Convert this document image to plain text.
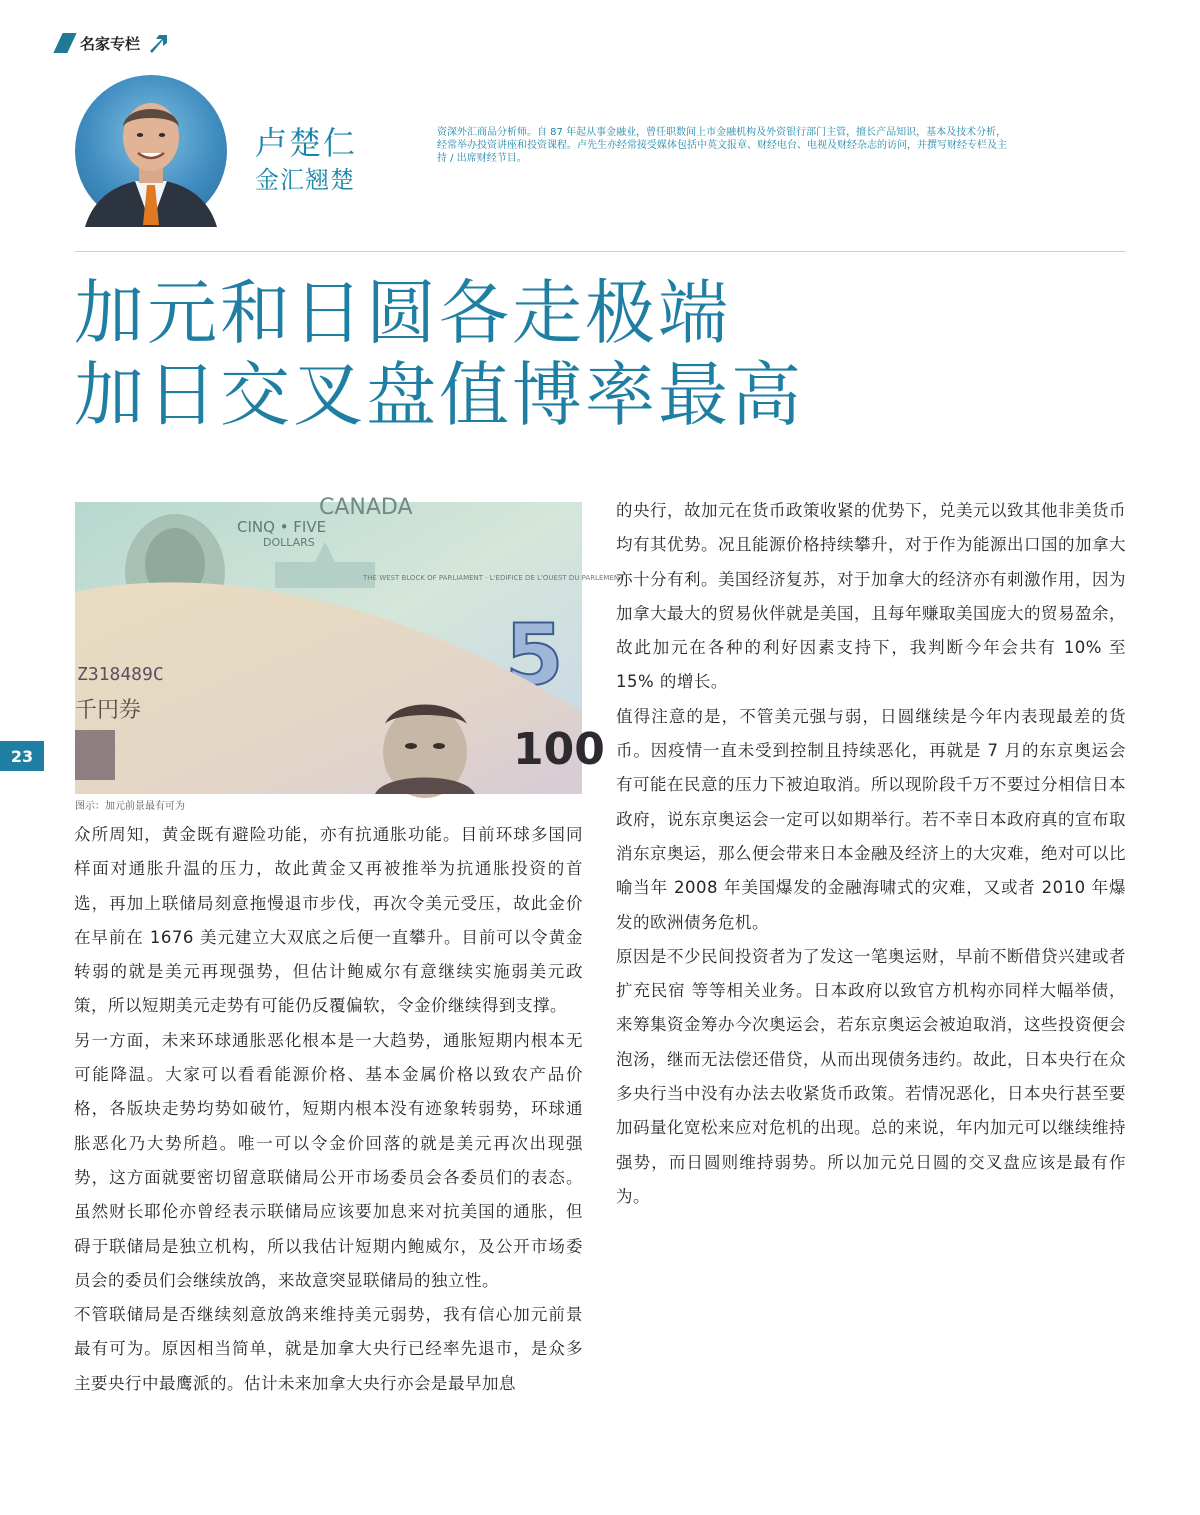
名家专栏
卢楚仁
金汇翘楚
资深外汇商品分析师。自 87 年起从事金融业，曾任职数间上市金融机构及外资银行部门主管，擅长产品知识，基本及技术分析，经常举办投资讲座和投资课程。卢先生亦经常接受媒体包括中英文报章、财经电台、电视及财经杂志的访问，并撰写财经专栏及主持 / 出席财经节目。
加元和日圆各走极端
加日交叉盘值博率最高
CANADA
CINQ • FIVE
DOLLARS
THE WEST BLOCK OF PARLIAMENT · L'EDIFICE DE L'OUEST DU PARLEMENT
5
Z318489C
千円券
100
图示：加元前景最有可为
23

众所周知，黄金既有避险功能，亦有抗通胀功能。目前环球多国同样面对通胀升温的压力，故此黄金又再被推举为抗通胀投资的首选，再加上联储局刻意拖慢退市步伐，再次令美元受压，故此金价在早前在 1676 美元建立大双底之后便一直攀升。目前可以令黄金转弱的就是美元再现强势，但估计鲍威尔有意继续实施弱美元政策，所以短期美元走势有可能仍反覆偏软，令金价继续得到支撑。

另一方面，未来环球通胀恶化根本是一大趋势，通胀短期内根本无可能降温。大家可以看看能源价格、基本金属价格以致农产品价格，各版块走势均势如破竹，短期内根本没有迹象转弱势，环球通胀恶化乃大势所趋。唯一可以令金价回落的就是美元再次出现强势，这方面就要密切留意联储局公开市场委员会各委员们的表态。虽然财长耶伦亦曾经表示联储局应该要加息来对抗美国的通胀，但碍于联储局是独立机构，所以我估计短期内鲍威尔，及公开市场委员会的委员们会继续放鸽，来故意突显联储局的独立性。

不管联储局是否继续刻意放鸽来维持美元弱势，我有信心加元前景最有可为。原因相当简单，就是加拿大央行已经率先退市，是众多主要央行中最鹰派的。估计未来加拿大央行亦会是最早加息

的央行，故加元在货币政策收紧的优势下，兑美元以致其他非美货币均有其优势。况且能源价格持续攀升，对于作为能源出口国的加拿大亦十分有利。美国经济复苏，对于加拿大的经济亦有刺激作用，因为加拿大最大的贸易伙伴就是美国，且每年赚取美国庞大的贸易盈余，故此加元在各种的利好因素支持下，我判断今年会共有 10% 至 15% 的增长。

值得注意的是，不管美元强与弱，日圆继续是今年内表现最差的货币。因疫情一直未受到控制且持续恶化，再就是 7 月的东京奥运会有可能在民意的压力下被迫取消。所以现阶段千万不要过分相信日本政府，说东京奥运会一定可以如期举行。若不幸日本政府真的宣布取消东京奥运，那么便会带来日本金融及经济上的大灾难，绝对可以比喻当年 2008 年美国爆发的金融海啸式的灾难，又或者 2010 年爆发的欧洲债务危机。

原因是不少民间投资者为了发这一笔奥运财，早前不断借贷兴建或者扩充民宿 等等相关业务。日本政府以致官方机构亦同样大幅举债，来筹集资金筹办今次奥运会，若东京奥运会被迫取消，这些投资便会泡汤，继而无法偿还借贷，从而出现债务违约。故此，日本央行在众多央行当中没有办法去收紧货币政策。若情况恶化，日本央行甚至要加码量化宽松来应对危机的出现。总的来说，年内加元可以继续维持强势，而日圆则维持弱势。所以加元兑日圆的交叉盘应该是最有作为。
